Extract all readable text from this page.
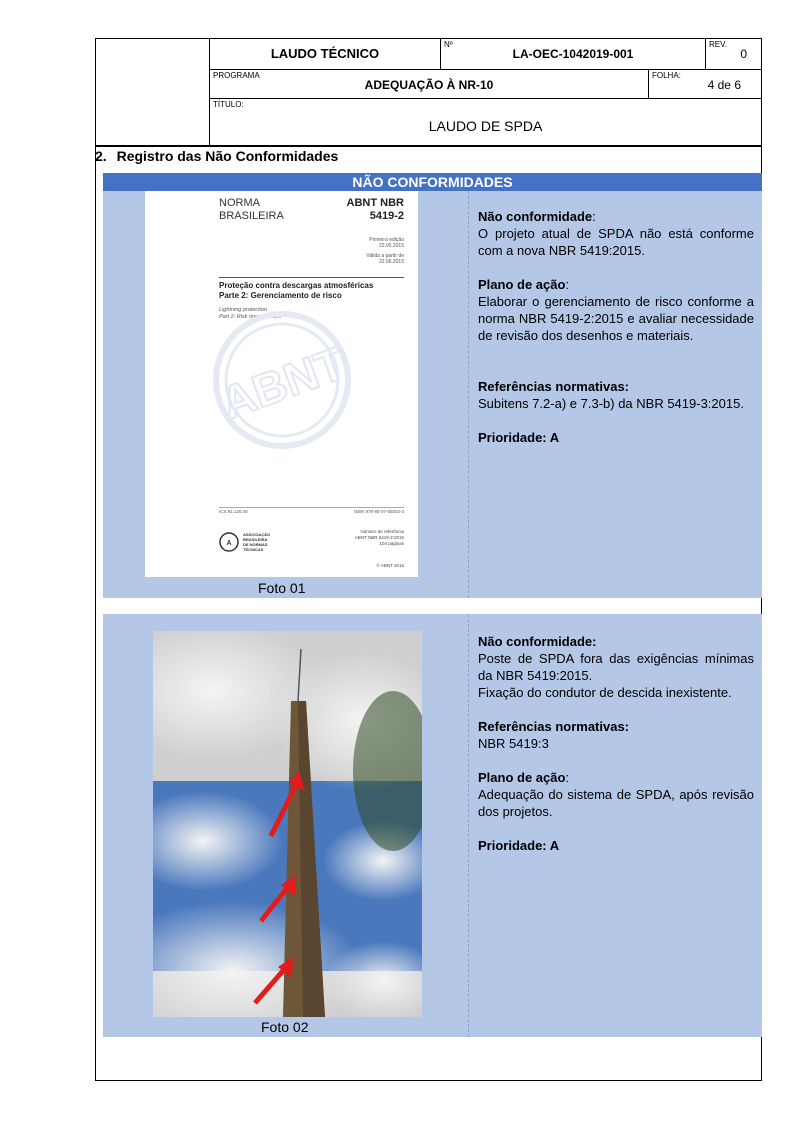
LAUDO TÉCNICO
Nº
LA-OEC-1042019-001
REV.
0
PROGRAMA
ADEQUAÇÃO À NR-10
FOLHA:
4 de 6
TÍTULO:
LAUDO DE SPDA
2. Registro das Não Conformidades
NÃO CONFORMIDADES
NORMA
BRASILEIRA
ABNT NBR
5419-2
Primeira edição
22.05.2015
Válida a partir de
22.06.2015
Proteção contra descargas atmosféricas
Parte 2: Gerenciamento de risco
Lightning protection
Part 2: Risk management
ABNT
ICS 91.120.40	ISBN 978-85-07-05502-3
A
ASSOCIAÇÃO
BRASILEIRA
DE NORMAS
TÉCNICAS
Número de referência
ABNT NBR 5419-2:2015
104 páginas
© ABNT 2015
Foto 01

Não conformidade:
O projeto atual de SPDA não está conforme com a nova NBR 5419:2015.

Plano de ação:
Elaborar o gerenciamento de risco conforme a norma NBR 5419-2:2015 e avaliar necessidade de revisão dos desenhos e materiais.

Referências normativas:
Subitens 7.2-a) e 7.3-b) da NBR 5419-3:2015.

Prioridade: A

Foto 02

Não conformidade:
Poste de SPDA fora das exigências mínimas da NBR 5419:2015.
Fixação do condutor de descida inexistente.

Referências normativas:
NBR 5419:3

Plano de ação:
Adequação do sistema de SPDA, após revisão dos projetos.

Prioridade: A
